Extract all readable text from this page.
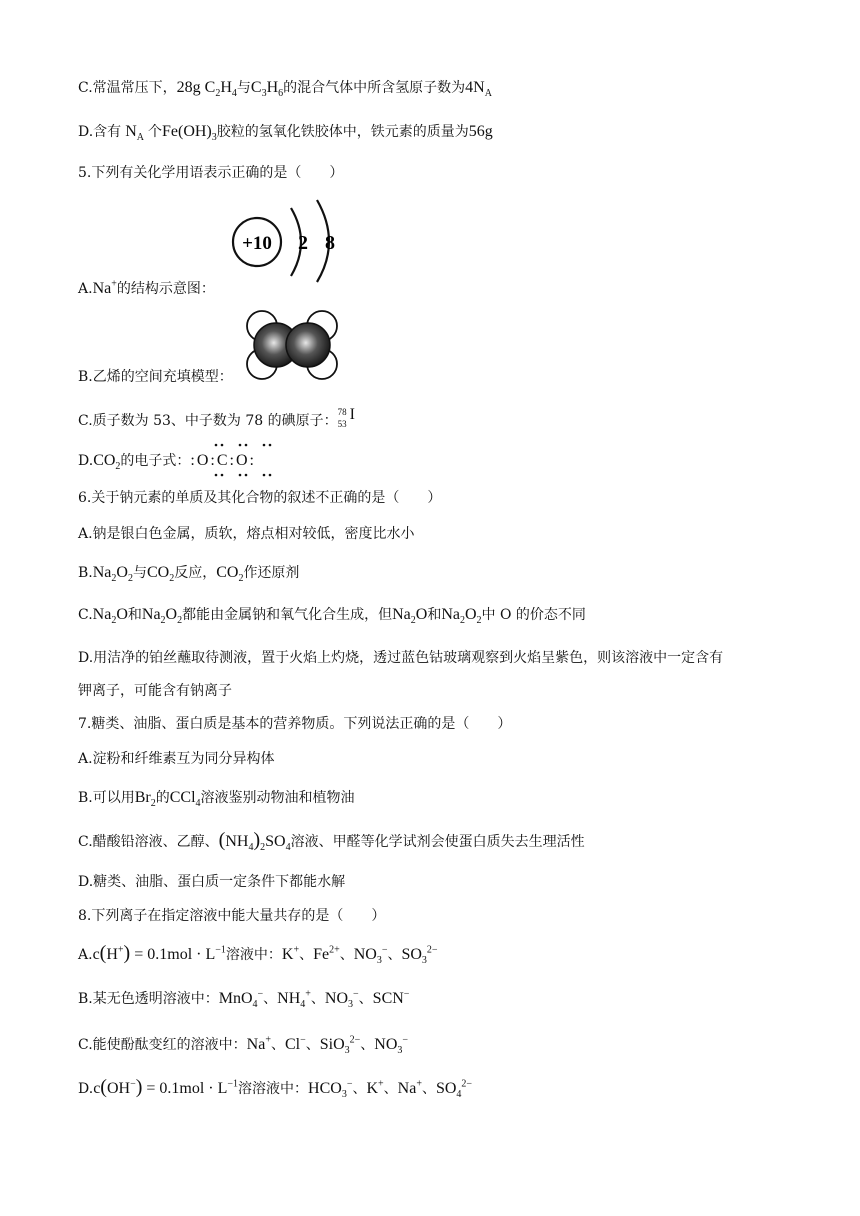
C.常温常压下，28g $C_2H_4$与$C_3H_6$的混合气体中所含氢原子数为$4N_A$
D.含有 $N_A$ 个$Fe(OH)_3$胶粒的氢氧化铁胶体中，铁元素的质量为56g
5.下列有关化学用语表示正确的是（　　）
+10 2 8
A.Na+的结构示意图：
B.乙烯的空间充填模型：
C.质子数为 53、中子数为 78 的碘原子：
78
53
I
$D.CO_2$的电子式：:O:C:O:
6.关于钠元素的单质及其化合物的叙述不正确的是（　　）
A.钠是银白色金属，质软，熔点相对较低，密度比水小
$B.Na_2O_2$与$CO_2$反应，$CO_2$作还原剂
$C.Na_2O$和$Na_2O_2$都能由金属钠和氧气化合生成，但$Na_2O$和$Na_2O_2$中 O 的价态不同
D.用洁净的铂丝蘸取待测液，置于火焰上灼烧，透过蓝色钴玻璃观察到火焰呈紫色，则该溶液中一定含有
钾离子，可能含有钠离子
7.糖类、油脂、蛋白质是基本的营养物质。下列说法正确的是（　　）
A.淀粉和纤维素互为同分异构体
B.可以用$Br_2$的CCl$_4$溶液鉴别动物油和植物油
C.醋酸铅溶液、乙醇、$(NH_4)_2SO_4$溶液、甲醛等化学试剂会使蛋白质失去生理活性
D.糖类、油脂、蛋白质一定条件下都能水解
8.下列离子在指定溶液中能大量共存的是（　　）
$A.c(H^+) = 0.1mol \cdot L^{-1}$溶液中：K+、$Fe^{2+}$、$NO_3^-$、$SO_3^{2-}$
B.某无色透明溶液中：MnO$_4$−、$NH_4^+$、$NO_3^-$、SCN−
C.能使酚酞变红的溶液中：Na+、Cl−、SiO$_3^{2-}$、$NO_3^-$
$D.c(OH^-) = 0.1mol \cdot L^{-1}$溶溶液中：$HCO_3^-$、K+、Na+、$SO_4^{2-}$
